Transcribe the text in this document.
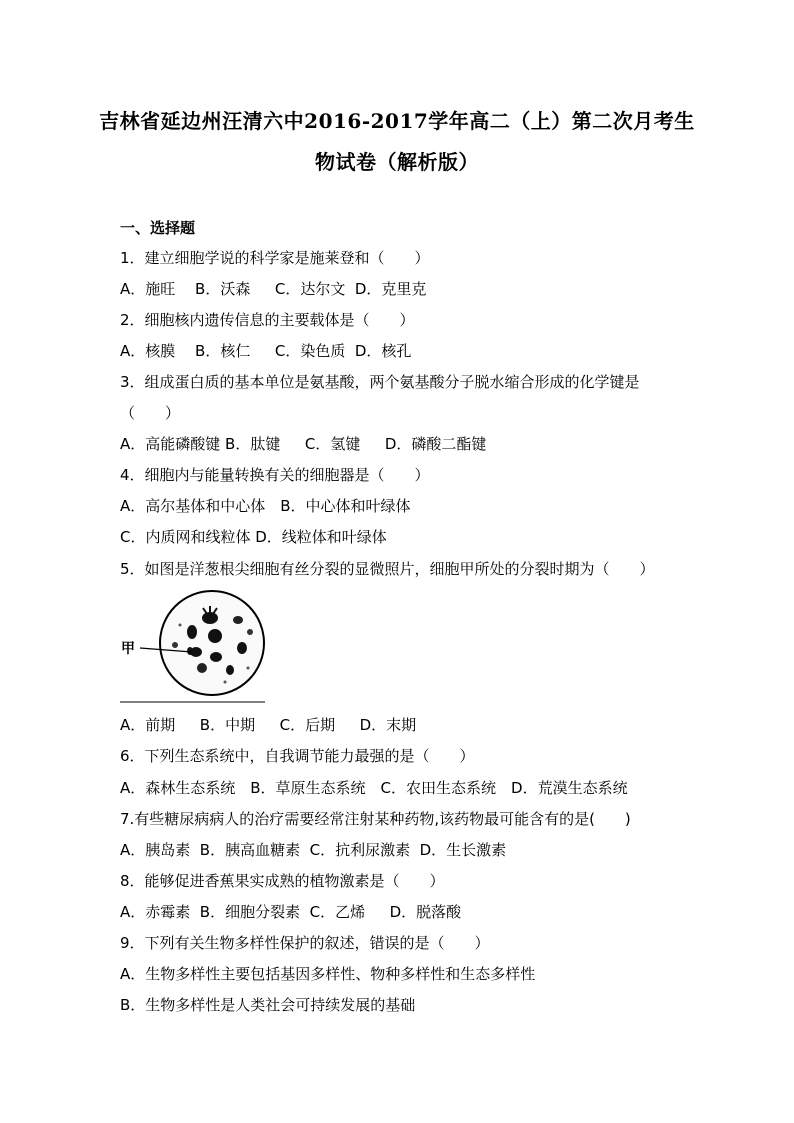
吉林省延边州汪清六中2016-2017学年高二（上）第二次月考生
物试卷（解析版）
一、选择题
1．建立细胞学说的科学家是施莱登和（　　）
A．施旺　 B．沃森　  C．达尔文  D．克里克
2．细胞核内遗传信息的主要载体是（　　）
A．核膜　 B．核仁　  C．染色质  D．核孔
3．组成蛋白质的基本单位是氨基酸，两个氨基酸分子脱水缩合形成的化学键是
（　　）
A．高能磷酸键 B．肽键　  C．氢键　  D．磷酸二酯键
4．细胞内与能量转换有关的细胞器是（　　）
A．高尔基体和中心体　B．中心体和叶绿体
C．内质网和线粒体 D．线粒体和叶绿体
5．如图是洋葱根尖细胞有丝分裂的显微照片，细胞甲所处的分裂时期为（　　）
甲
A．前期　  B．中期　  C．后期　  D．末期
6．下列生态系统中，自我调节能力最强的是（　　）
A．森林生态系统　B．草原生态系统　C．农田生态系统　D．荒漠生态系统
7.有些糖尿病病人的治疗需要经常注射某种药物,该药物最可能含有的是(　　)
A．胰岛素  B．胰高血糖素  C．抗利尿激素  D．生长激素
8．能够促进香蕉果实成熟的植物激素是（　　）
A．赤霉素  B．细胞分裂素  C．乙烯　  D．脱落酸
9．下列有关生物多样性保护的叙述，错误的是（　　）
A．生物多样性主要包括基因多样性、物种多样性和生态多样性
B．生物多样性是人类社会可持续发展的基础
